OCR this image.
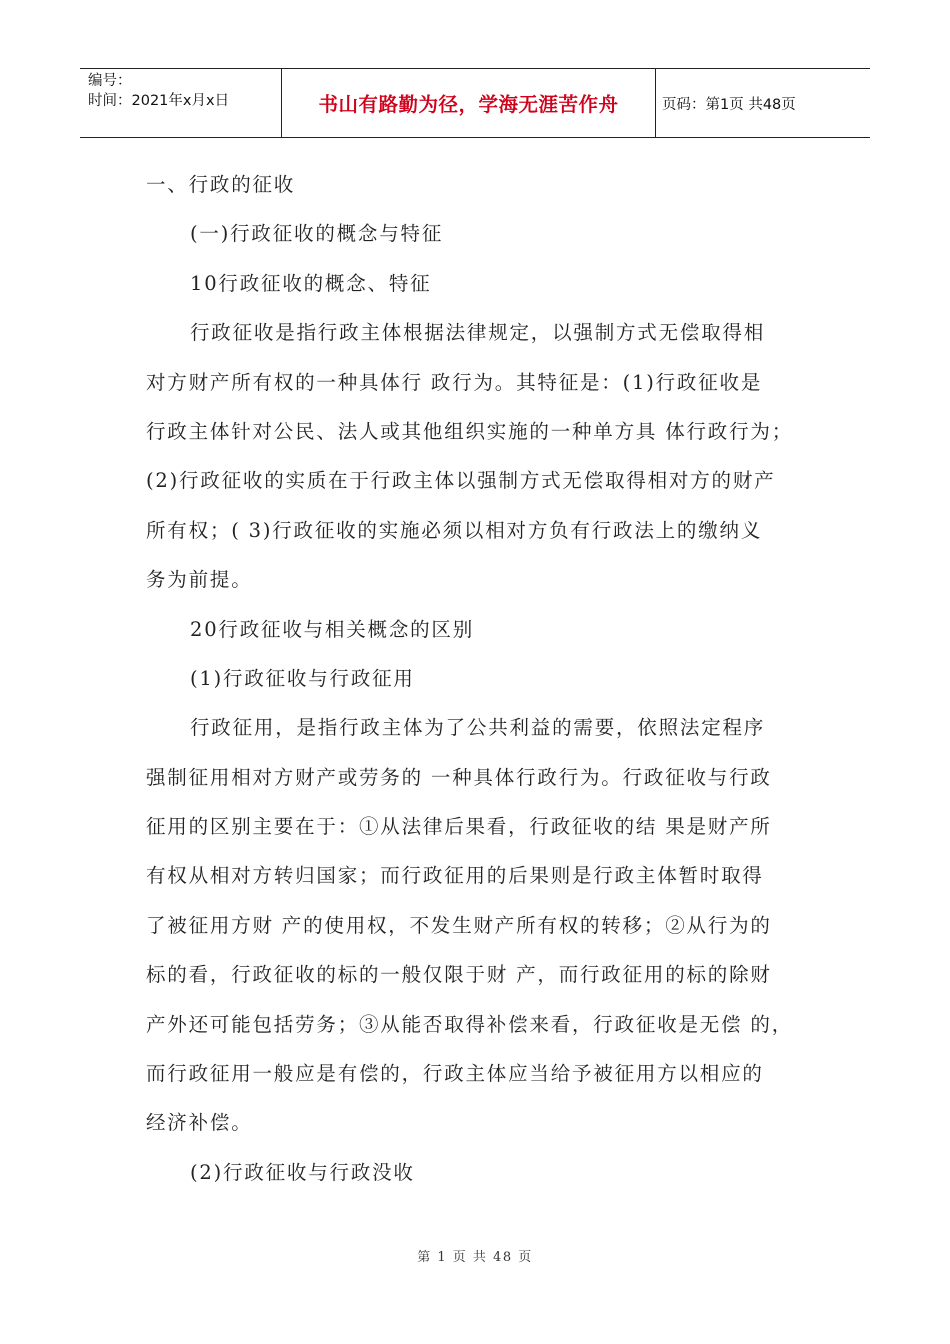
编号：
时间：2021年x月x日	书山有路勤为径，学海无涯苦作舟	页码：第1页 共48页
一、行政的征收
(一)行政征收的概念与特征
10行政征收的概念、特征
行政征收是指行政主体根据法律规定，以强制方式无偿取得相
对方财产所有权的一种具体行 政行为。其特征是：(1)行政征收是
行政主体针对公民、法人或其他组织实施的一种单方具 体行政行为；
(2)行政征收的实质在于行政主体以强制方式无偿取得相对方的财产
所有权；( 3)行政征收的实施必须以相对方负有行政法上的缴纳义
务为前提。
20行政征收与相关概念的区别
(1)行政征收与行政征用
行政征用，是指行政主体为了公共利益的需要，依照法定程序
强制征用相对方财产或劳务的 一种具体行政行为。行政征收与行政
征用的区别主要在于：①从法律后果看，行政征收的结 果是财产所
有权从相对方转归国家；而行政征用的后果则是行政主体暂时取得
了被征用方财 产的使用权，不发生财产所有权的转移；②从行为的
标的看，行政征收的标的一般仅限于财 产，而行政征用的标的除财
产外还可能包括劳务；③从能否取得补偿来看，行政征收是无偿 的，
而行政征用一般应是有偿的，行政主体应当给予被征用方以相应的
经济补偿。
(2)行政征收与行政没收
第 1 页 共 48 页
